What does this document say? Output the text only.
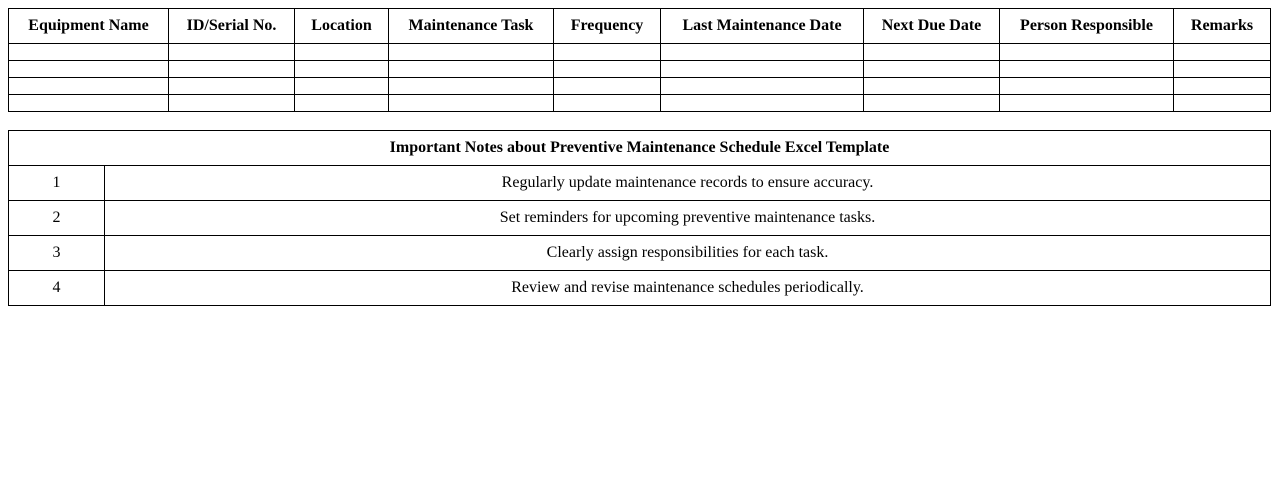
Equipment Name	ID/Serial No.	Location	Maintenance Task	Frequency	Last Maintenance Date	Next Due Date	Person Responsible	Remarks

Important Notes about Preventive Maintenance Schedule Excel Template	
1	Regularly update maintenance records to ensure accuracy.
2	Set reminders for upcoming preventive maintenance tasks.
3	Clearly assign responsibilities for each task.
4	Review and revise maintenance schedules periodically.
